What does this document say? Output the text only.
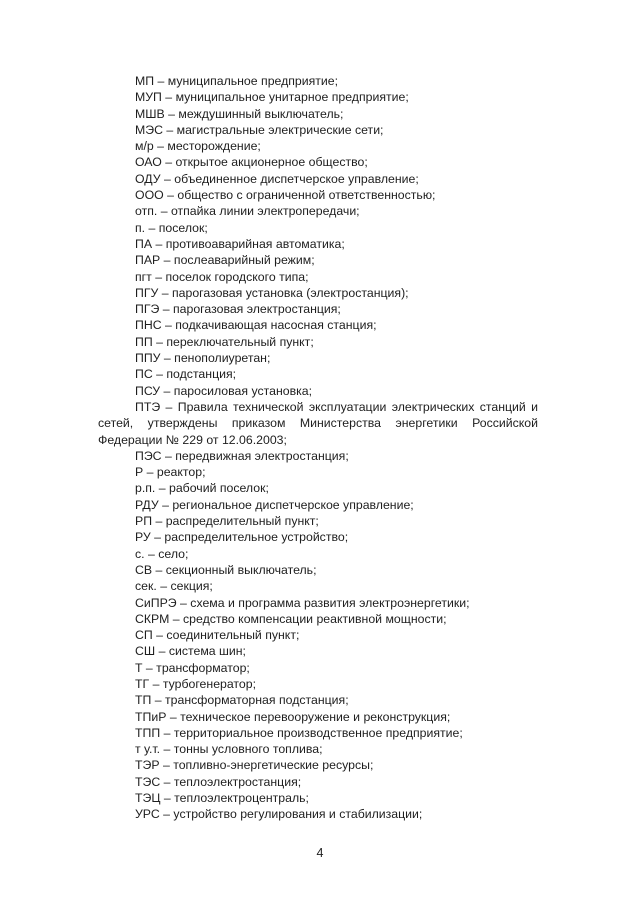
МП – муниципальное предприятие;
МУП – муниципальное унитарное предприятие;
МШВ – междушинный выключатель;
МЭС – магистральные электрические сети;
м/р – месторождение;
ОАО – открытое акционерное общество;
ОДУ – объединенное диспетчерское управление;
ООО – общество с ограниченной ответственностью;
отп. – отпайка линии электропередачи;
п. – поселок;
ПА – противоаварийная автоматика;
ПАР – послеаварийный режим;
пгт – поселок городского типа;
ПГУ – парогазовая установка (электростанция);
ПГЭ – парогазовая электростанция;
ПНС – подкачивающая насосная станция;
ПП – переключательный пункт;
ППУ – пенополиуретан;
ПС – подстанция;
ПСУ – паросиловая установка;
ПТЭ – Правила технической эксплуатации электрических станций и сетей, утверждены приказом Министерства энергетики Российской Федерации № 229 от 12.06.2003;
ПЭС – передвижная электростанция;
Р – реактор;
р.п. – рабочий поселок;
РДУ – региональное диспетчерское управление;
РП – распределительный пункт;
РУ – распределительное устройство;
с. – село;
СВ – секционный выключатель;
сек. – секция;
СиПРЭ – схема и программа развития электроэнергетики;
СКРМ – средство компенсации реактивной мощности;
СП – соединительный пункт;
СШ – система шин;
Т – трансформатор;
ТГ – турбогенератор;
ТП – трансформаторная подстанция;
ТПиР – техническое перевооружение и реконструкция;
ТПП – территориальное производственное предприятие;
т у.т. – тонны условного топлива;
ТЭР – топливно-энергетические ресурсы;
ТЭС – теплоэлектростанция;
ТЭЦ – теплоэлектроцентраль;
УРС – устройство регулирования и стабилизации;
4
